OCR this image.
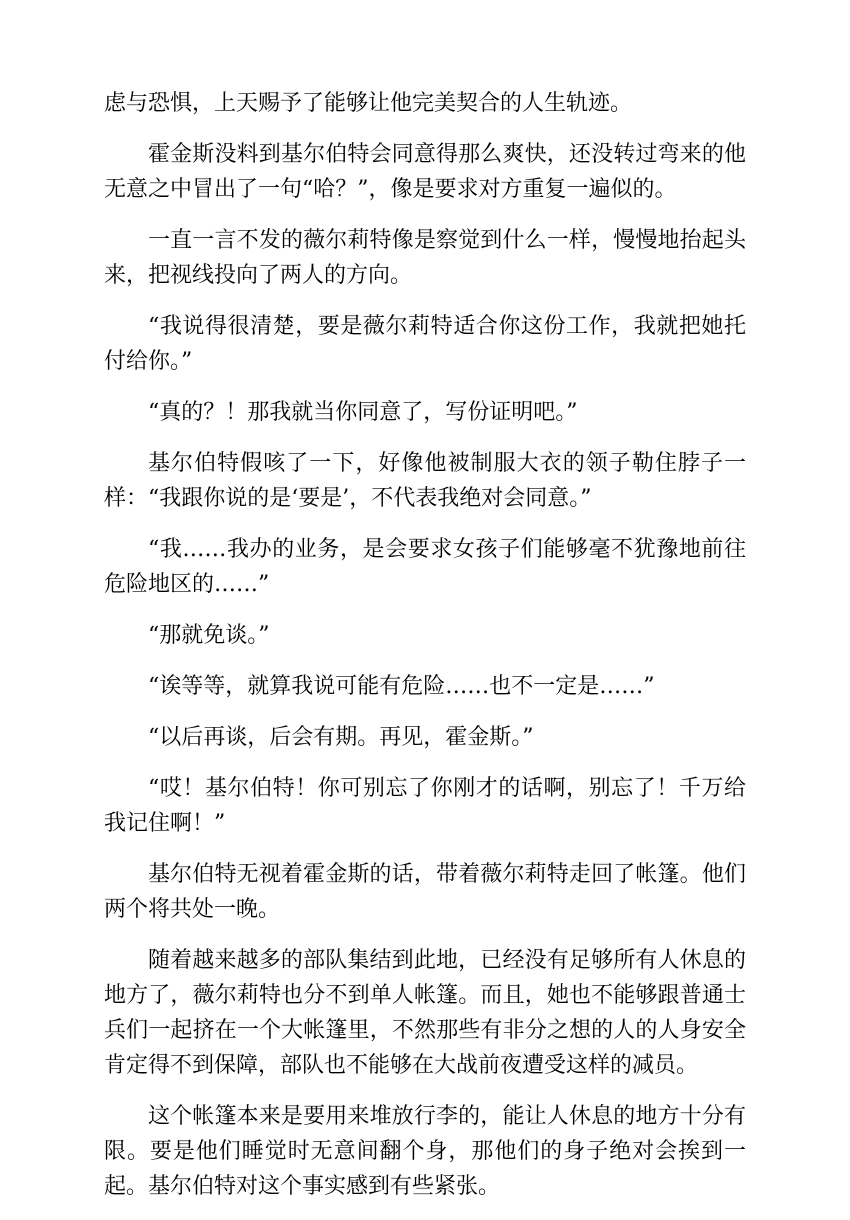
虑与恐惧，上天赐予了能够让他完美契合的人生轨迹。

霍金斯没料到基尔伯特会同意得那么爽快，还没转过弯来的他无意之中冒出了一句“哈？”，像是要求对方重复一遍似的。

一直一言不发的薇尔莉特像是察觉到什么一样，慢慢地抬起头来，把视线投向了两人的方向。

“我说得很清楚，要是薇尔莉特适合你这份工作，我就把她托付给你。”

“真的？！那我就当你同意了，写份证明吧。”

基尔伯特假咳了一下，好像他被制服大衣的领子勒住脖子一样：“我跟你说的是‘要是’，不代表我绝对会同意。”

“我……我办的业务，是会要求女孩子们能够毫不犹豫地前往危险地区的……”

“那就免谈。”

“诶等等，就算我说可能有危险……也不一定是……”

“以后再谈，后会有期。再见，霍金斯。”

“哎！基尔伯特！你可别忘了你刚才的话啊，别忘了！千万给我记住啊！”

基尔伯特无视着霍金斯的话，带着薇尔莉特走回了帐篷。他们两个将共处一晚。

随着越来越多的部队集结到此地，已经没有足够所有人休息的地方了，薇尔莉特也分不到单人帐篷。而且，她也不能够跟普通士兵们一起挤在一个大帐篷里，不然那些有非分之想的人的人身安全肯定得不到保障，部队也不能够在大战前夜遭受这样的减员。

这个帐篷本来是要用来堆放行李的，能让人休息的地方十分有限。要是他们睡觉时无意间翻个身，那他们的身子绝对会挨到一起。基尔伯特对这个事实感到有些紧张。
